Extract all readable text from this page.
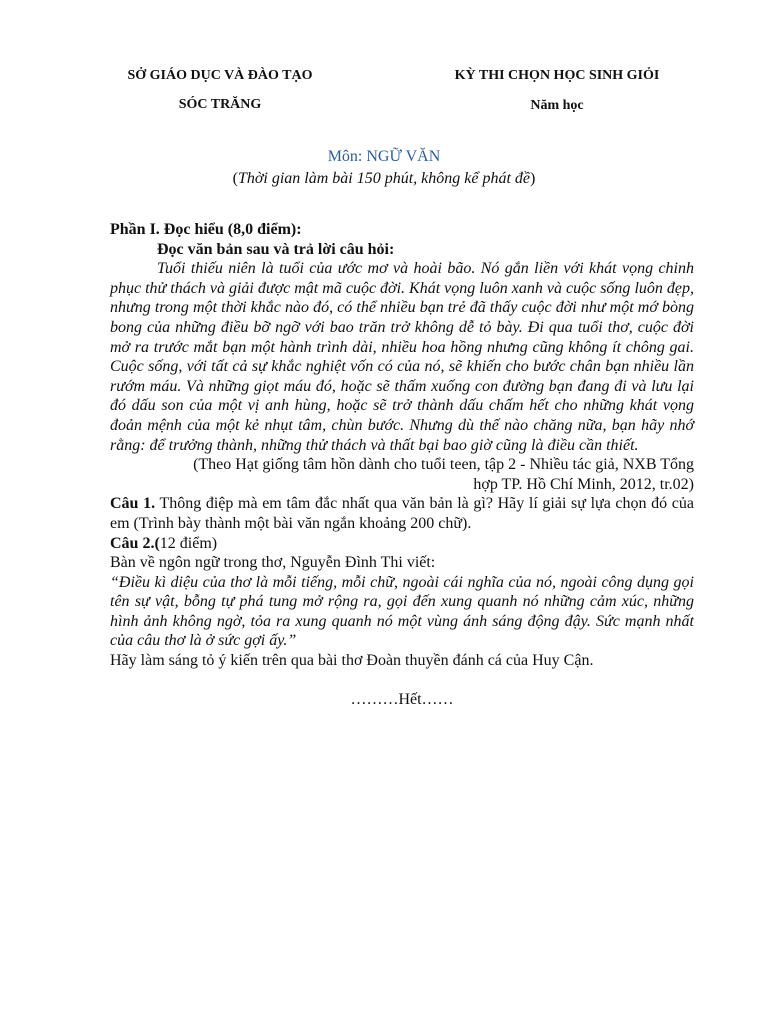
SỞ GIÁO DỤC VÀ ĐÀO TẠO
SÓC TRĂNG
KỲ THI CHỌN HỌC SINH GIỎI
Năm học
Môn: NGỮ VĂN
(Thời gian làm bài 150 phút, không kể phát đề)

Phần I. Đọc hiểu (8,0 điểm):

Đọc văn bản sau và trả lời câu hỏi:

Tuổi thiếu niên là tuổi của ước mơ và hoài bão. Nó gắn liền với khát vọng chinh phục thử thách và giải được mật mã cuộc đời. Khát vọng luôn xanh và cuộc sống luôn đẹp, nhưng trong một thời khắc nào đó, có thể nhiều bạn trẻ đã thấy cuộc đời như một mớ bòng bong của những điều bỡ ngỡ với bao trăn trở không dễ tỏ bày. Đi qua tuổi thơ, cuộc đời mở ra trước mắt bạn một hành trình dài, nhiều hoa hồng nhưng cũng không ít chông gai. Cuộc sống, với tất cả sự khắc nghiệt vốn có của nó, sẽ khiến cho bước chân bạn nhiều lần rướm máu. Và những giọt máu đó, hoặc sẽ thấm xuống con đường bạn đang đi và lưu lại đó dấu son của một vị anh hùng, hoặc sẽ trở thành dấu chấm hết cho những khát vọng đoản mệnh của một kẻ nhụt tâm, chùn bước. Nhưng dù thế nào chăng nữa, bạn hãy nhớ rằng: để trưởng thành, những thử thách và thất bại bao giờ cũng là điều cần thiết.

(Theo Hạt giống tâm hồn dành cho tuổi teen, tập 2 - Nhiều tác giả, NXB Tổng

hợp TP. Hồ Chí Minh, 2012, tr.02)

Câu 1. Thông điệp mà em tâm đắc nhất qua văn bản là gì? Hãy lí giải sự lựa chọn đó của em (Trình bày thành một bài văn ngắn khoảng 200 chữ).

Câu 2.(12 điểm)

Bàn về ngôn ngữ trong thơ, Nguyễn Đình Thi viết:

“Điều kì diệu của thơ là mỗi tiếng, mỗi chữ, ngoài cái nghĩa của nó, ngoài công dụng gọi tên sự vật, bỗng tự phá tung mở rộng ra, gọi đến xung quanh nó những cảm xúc, những hình ảnh không ngờ, tỏa ra xung quanh nó một vùng ánh sáng động đậy. Sức mạnh nhất của câu thơ là ở sức gợi ấy.”

Hãy làm sáng tỏ ý kiến trên qua bài thơ Đoàn thuyền đánh cá của Huy Cận.

………Hết……
